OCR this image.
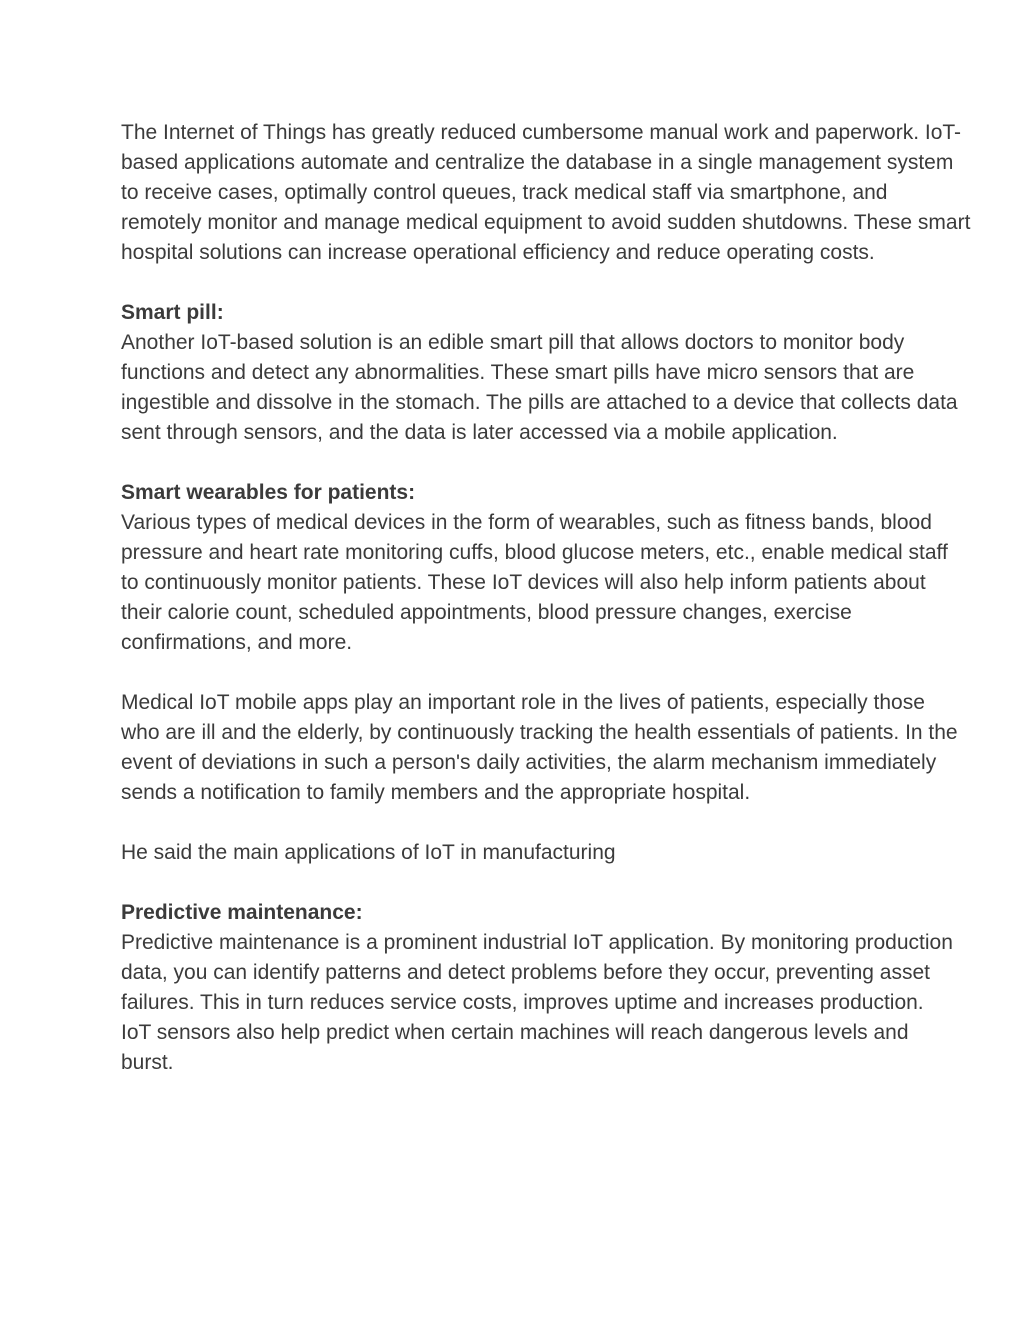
The Internet of Things has greatly reduced cumbersome manual work and paperwork. IoT-based applications automate and centralize the database in a single management system to receive cases, optimally control queues, track medical staff via smartphone, and remotely monitor and manage medical equipment to avoid sudden shutdowns. These smart hospital solutions can increase operational efficiency and reduce operating costs.

Smart pill:

Another IoT-based solution is an edible smart pill that allows doctors to monitor body functions and detect any abnormalities. These smart pills have micro sensors that are ingestible and dissolve in the stomach. The pills are attached to a device that collects data sent through sensors, and the data is later accessed via a mobile application.

Smart wearables for patients:

Various types of medical devices in the form of wearables, such as fitness bands, blood pressure and heart rate monitoring cuffs, blood glucose meters, etc., enable medical staff to continuously monitor patients. These IoT devices will also help inform patients about their calorie count, scheduled appointments, blood pressure changes, exercise confirmations, and more.

Medical IoT mobile apps play an important role in the lives of patients, especially those who are ill and the elderly, by continuously tracking the health essentials of patients. In the event of deviations in such a person's daily activities, the alarm mechanism immediately sends a notification to family members and the appropriate hospital.

He said the main applications of IoT in manufacturing

Predictive maintenance:

Predictive maintenance is a prominent industrial IoT application. By monitoring production data, you can identify patterns and detect problems before they occur, preventing asset failures. This in turn reduces service costs, improves uptime and increases production. IoT sensors also help predict when certain machines will reach dangerous levels and burst.
